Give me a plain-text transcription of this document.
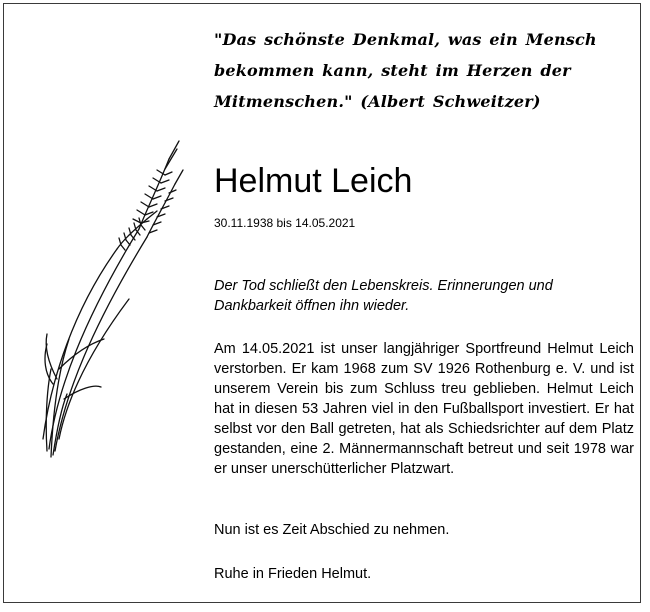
"Das schönste Denkmal, was ein Mensch bekommen kann, steht im Herzen der Mitmenschen." (Albert Schweitzer)
Helmut Leich
30.11.1938 bis 14.05.2021
Der Tod schließt den Lebenskreis. Erinnerungen und Dankbarkeit öffnen ihn wieder.
Am 14.05.2021 ist unser langjähriger Sportfreund Helmut Leich verstorben. Er kam 1968 zum SV 1926 Rothenburg e. V. und ist unserem Verein bis zum Schluss treu geblieben. Helmut Leich hat in diesen 53 Jahren viel in den Fußballsport investiert. Er hat selbst vor den Ball getreten, hat als Schiedsrichter auf dem Platz gestanden, eine 2. Männermannschaft betreut und seit 1978 war er unser unerschütterlicher Platzwart.
Nun ist es Zeit Abschied zu nehmen.
Ruhe in Frieden Helmut.
